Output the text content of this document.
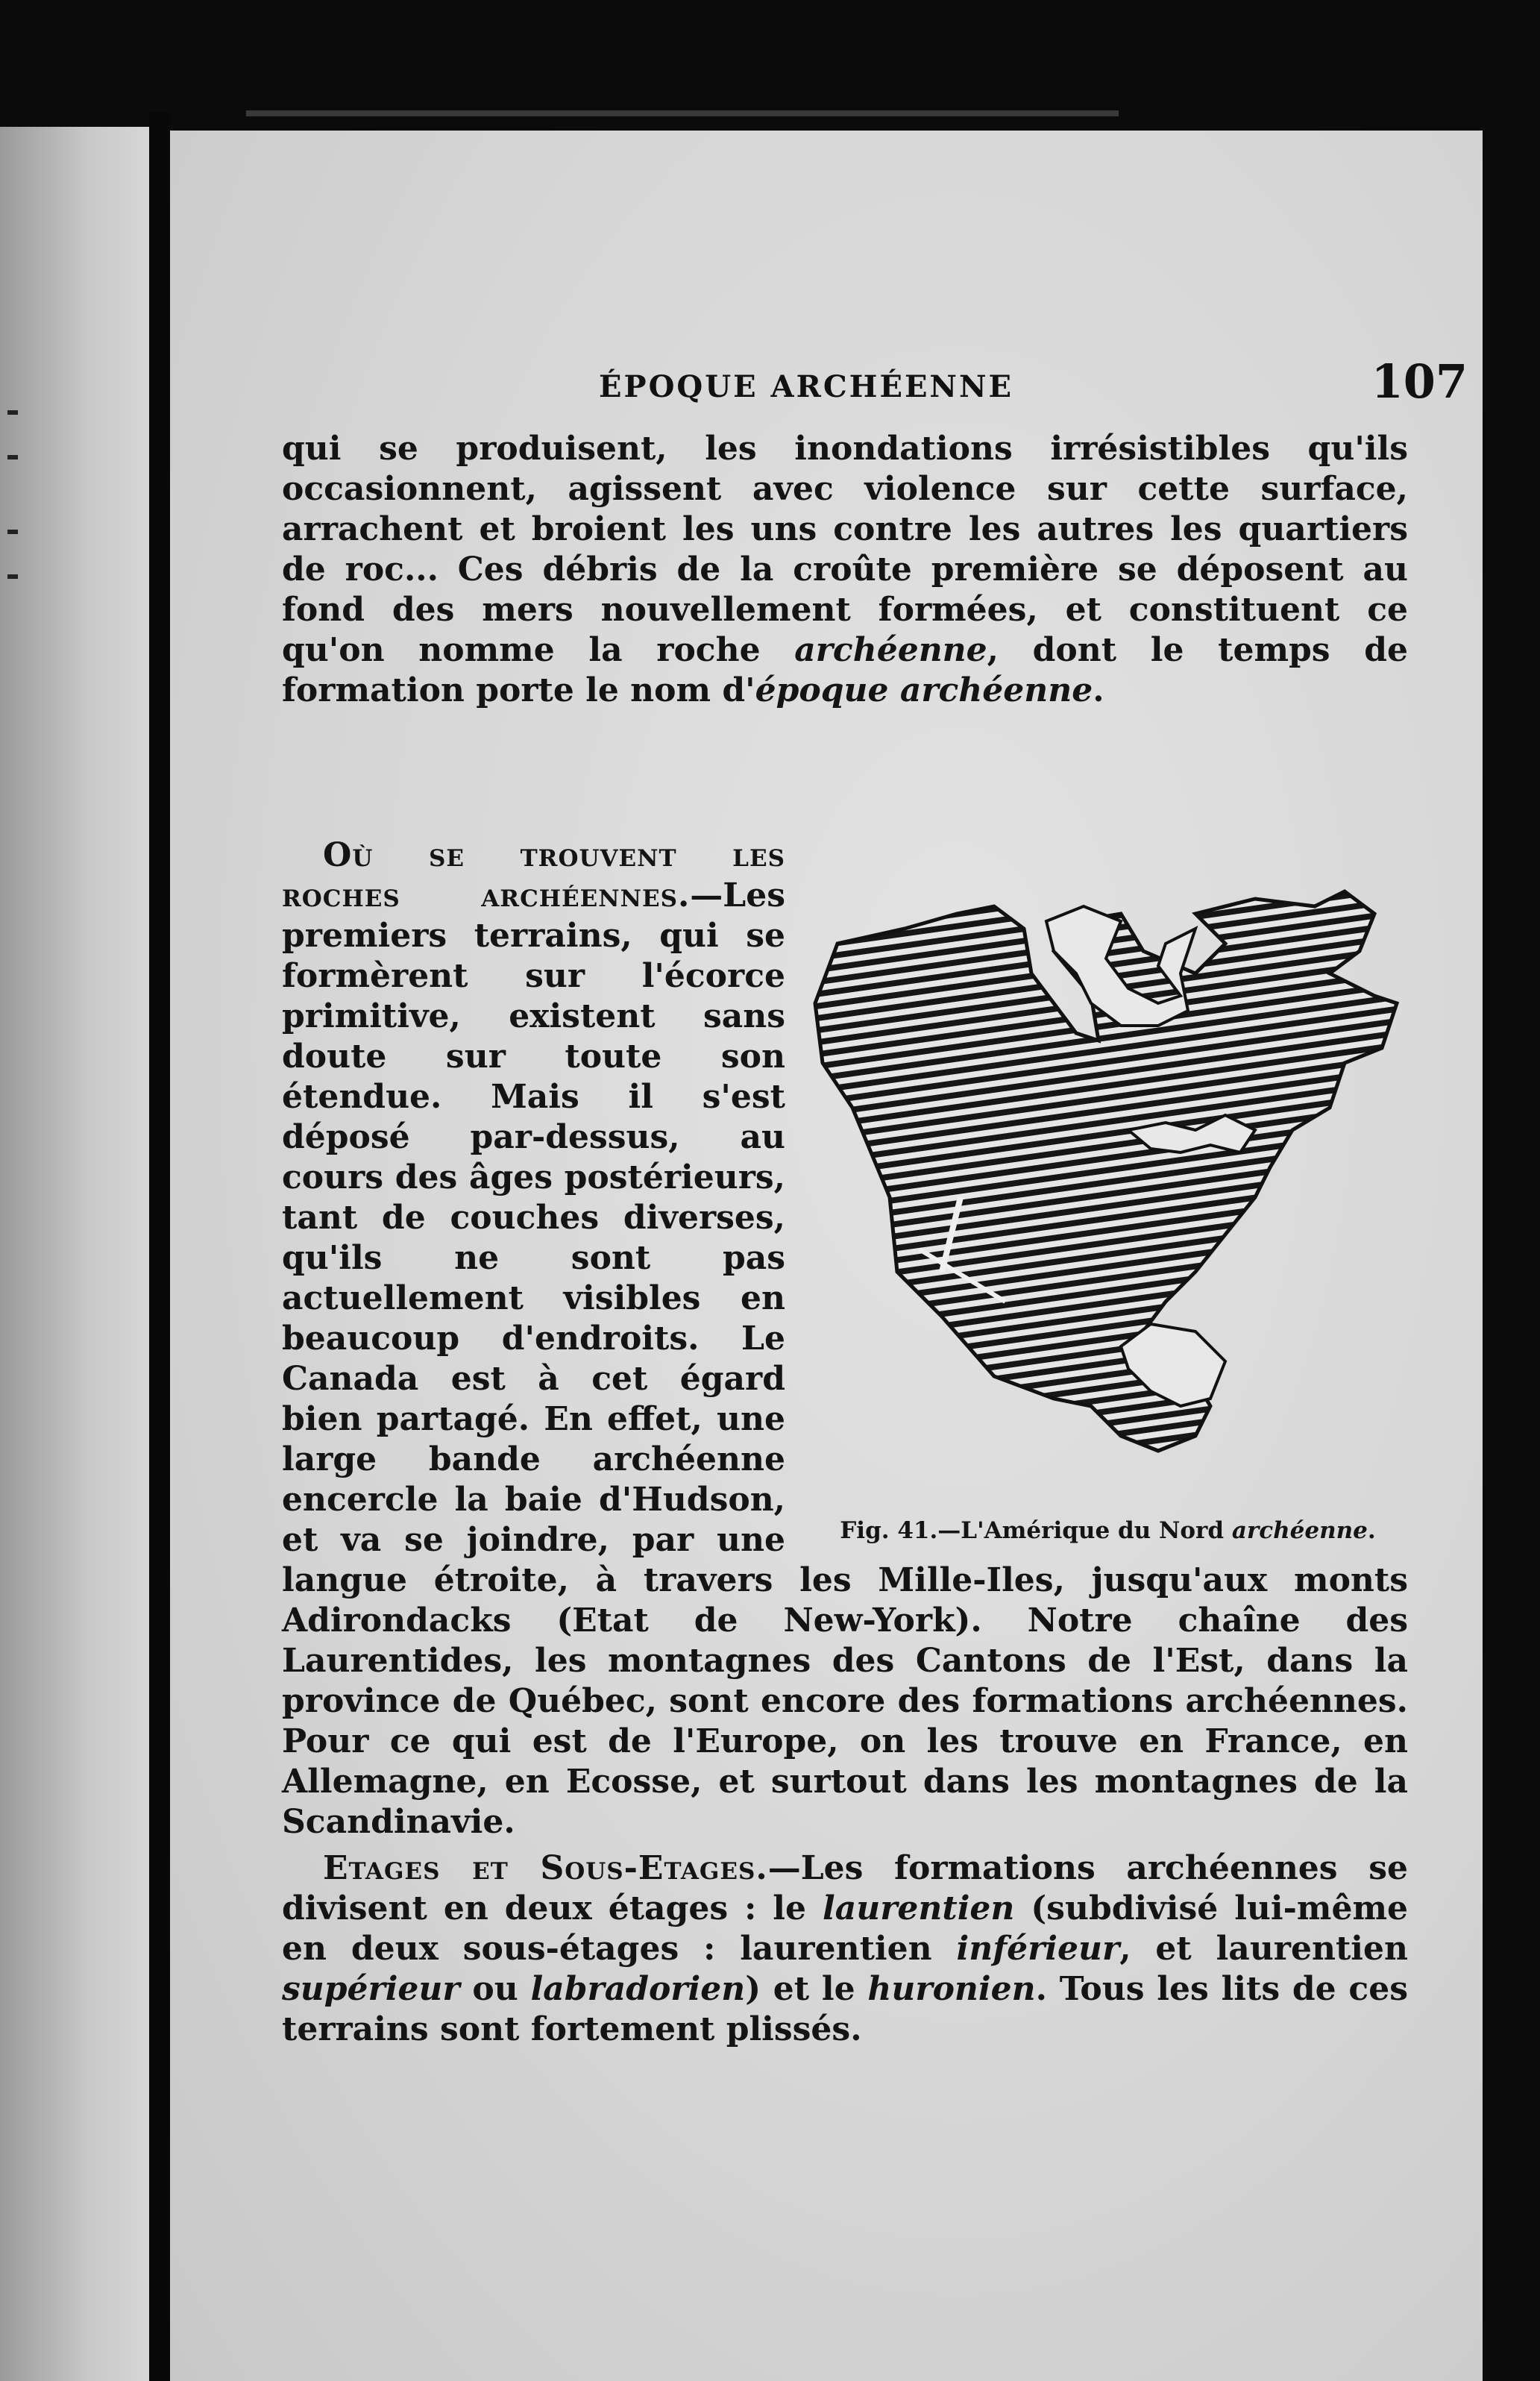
ÉPOQUE ARCHÉENNE	107

qui se produisent, les inondations irrésistibles qu'ils occasionnent, agissent avec violence sur cette surface, arrachent et broient les uns contre les autres les quartiers de roc... Ces débris de la croûte première se déposent au fond des mers nouvellement formées, et constituent ce qu'on nomme la roche archéenne, dont le temps de formation porte le nom d'époque archéenne.

Fig. 41.—L'Amérique du Nord archéenne.

Où se trouvent les roches archéennes.—Les premiers terrains, qui se formèrent sur l'écorce primitive, existent sans doute sur toute son étendue. Mais il s'est déposé par-dessus, au cours des âges postérieurs, tant de couches diverses, qu'ils ne sont pas actuellement visibles en beaucoup d'endroits. Le Canada est à cet égard bien partagé. En effet, une large bande archéenne encercle la baie d'Hudson, et va se joindre, par une langue étroite, à travers les Mille-Iles, jusqu'aux monts Adirondacks (Etat de New-York). Notre chaîne des Laurentides, les montagnes des Cantons de l'Est, dans la province de Québec, sont encore des formations archéennes. Pour ce qui est de l'Europe, on les trouve en France, en Allemagne, en Ecosse, et surtout dans les montagnes de la Scandinavie.

Etages et Sous-Etages.—Les formations archéennes se divisent en deux étages : le laurentien (subdivisé lui-même en deux sous-étages : laurentien inférieur, et laurentien supérieur ou labradorien) et le huronien. Tous les lits de ces terrains sont fortement plissés.
